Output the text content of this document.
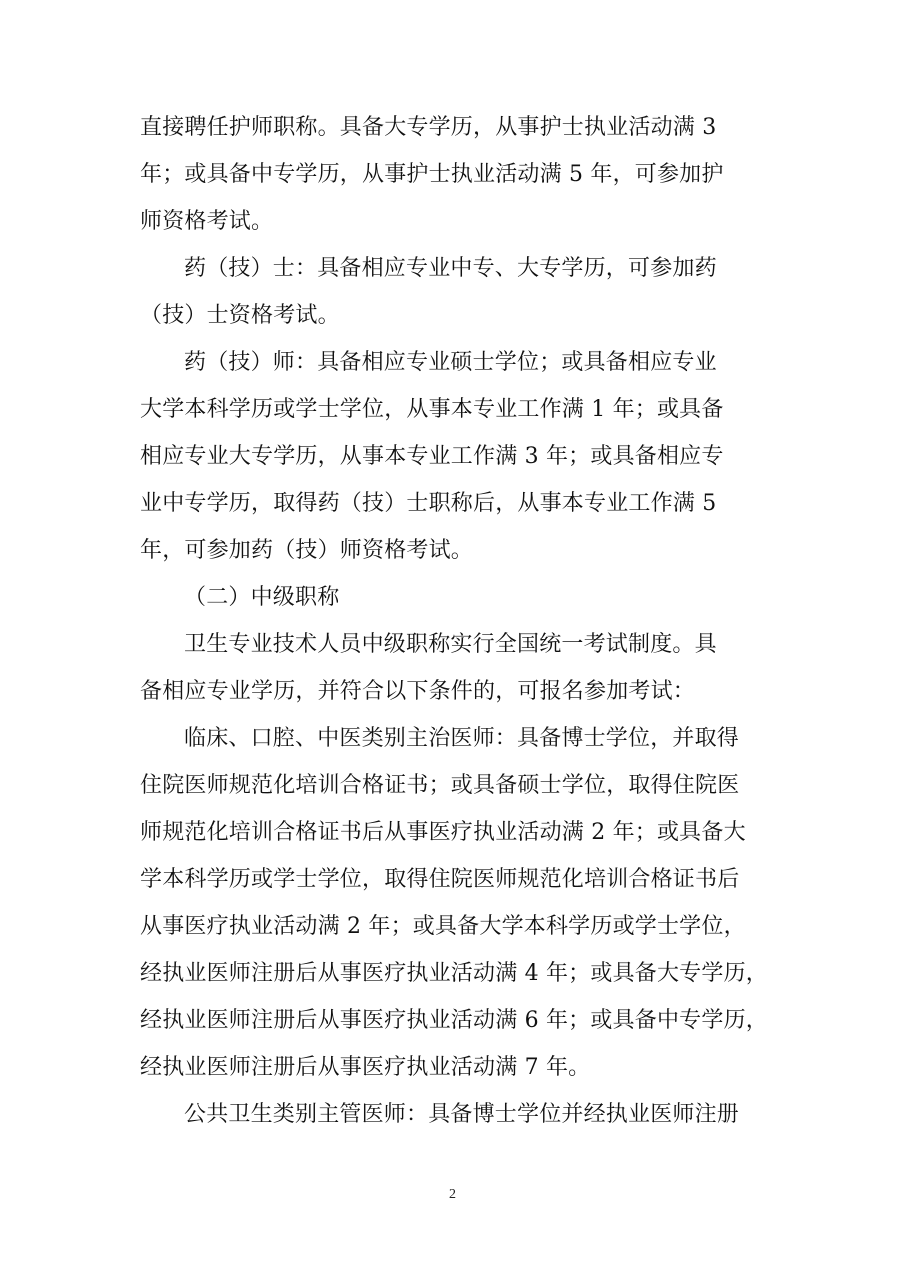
直接聘任护师职称。具备大专学历，从事护士执业活动满 3
年；或具备中专学历，从事护士执业活动满 5 年，可参加护
师资格考试。
药（技）士：具备相应专业中专、大专学历，可参加药
（技）士资格考试。
药（技）师：具备相应专业硕士学位；或具备相应专业
大学本科学历或学士学位，从事本专业工作满 1 年；或具备
相应专业大专学历，从事本专业工作满 3 年；或具备相应专
业中专学历，取得药（技）士职称后，从事本专业工作满 5
年，可参加药（技）师资格考试。
（二）中级职称
卫生专业技术人员中级职称实行全国统一考试制度。具
备相应专业学历，并符合以下条件的，可报名参加考试：
临床、口腔、中医类别主治医师：具备博士学位，并取得
住院医师规范化培训合格证书；或具备硕士学位，取得住院医
师规范化培训合格证书后从事医疗执业活动满 2 年；或具备大
学本科学历或学士学位，取得住院医师规范化培训合格证书后
从事医疗执业活动满 2 年；或具备大学本科学历或学士学位，
经执业医师注册后从事医疗执业活动满 4 年；或具备大专学历，
经执业医师注册后从事医疗执业活动满 6 年；或具备中专学历，
经执业医师注册后从事医疗执业活动满 7 年。
公共卫生类别主管医师：具备博士学位并经执业医师注册
2
